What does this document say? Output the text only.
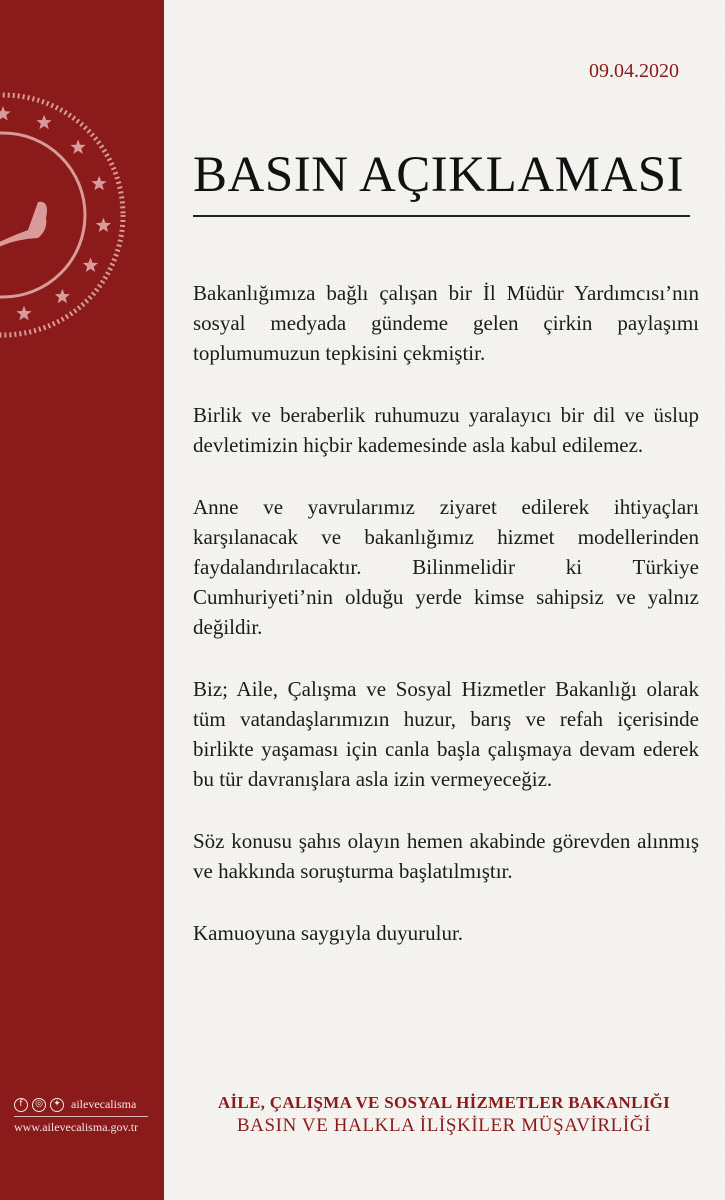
f	◎	✦ ailevecalisma
www.ailevecalisma.gov.tr
09.04.2020
BASIN AÇIKLAMASI

Bakanlığımıza bağlı çalışan bir İl Müdür Yardımcısı’nın sosyal medyada gündeme gelen çirkin paylaşımı toplumumuzun tepkisini çekmiştir.

Birlik ve beraberlik ruhumuzu yaralayıcı bir dil ve üslup devletimizin hiçbir kademesinde asla kabul edilemez.

Anne ve yavrularımız ziyaret edilerek ihtiyaçları karşılanacak ve bakanlığımız hizmet modellerinden faydalandırılacaktır. Bilinmelidir ki Türkiye Cumhuriyeti’nin olduğu yerde kimse sahipsiz ve yalnız değildir.

Biz; Aile, Çalışma ve Sosyal Hizmetler Bakanlığı olarak tüm vatandaşlarımızın huzur, barış ve refah içerisinde birlikte yaşaması için canla başla çalışmaya devam ederek bu tür davranışlara asla izin vermeyeceğiz.

Söz konusu şahıs olayın hemen akabinde görevden alınmış ve hakkında soruşturma başlatılmıştır.

Kamuoyuna saygıyla duyurulur.

AİLE, ÇALIŞMA VE SOSYAL HİZMETLER BAKANLIĞI
BASIN VE HALKLA İLİŞKİLER MÜŞAVİRLİĞİ
